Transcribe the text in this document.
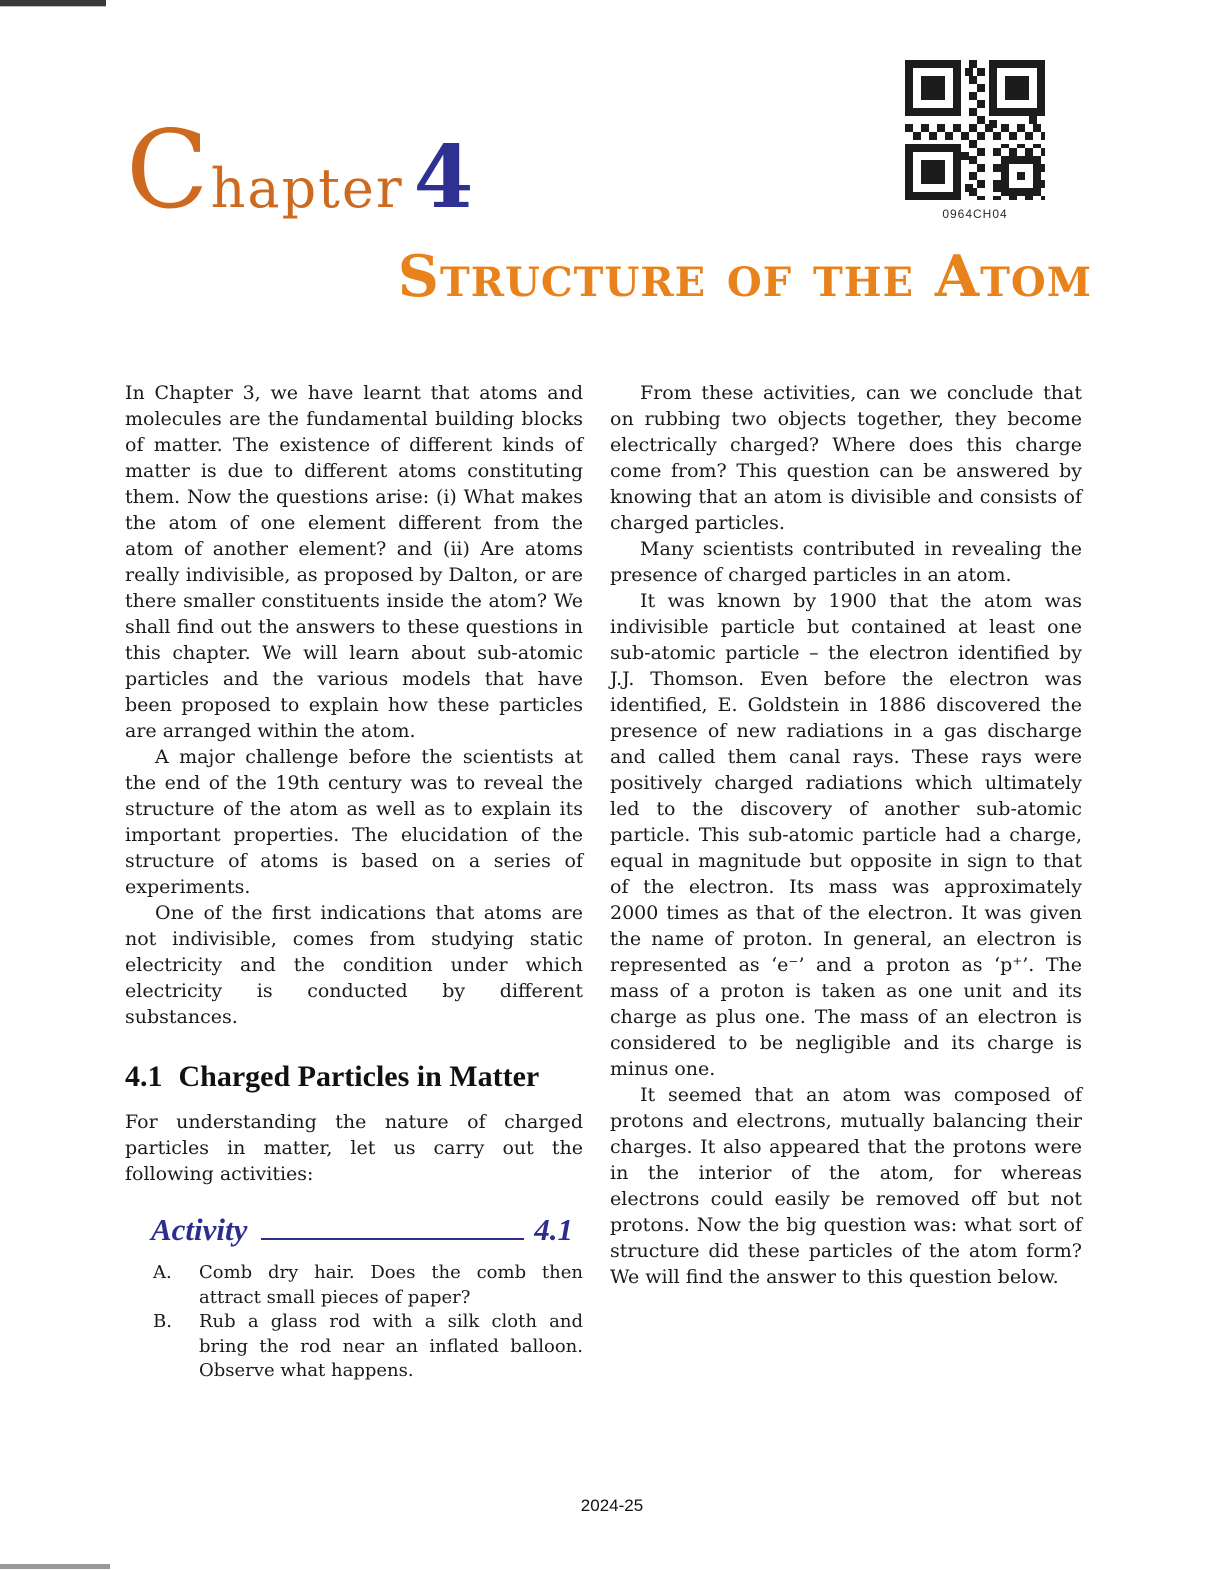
C hapter 4	0964CH04
Structure of the Atom

In Chapter 3, we have learnt that atoms and molecules are the fundamental building blocks of matter. The existence of different kinds of matter is due to different atoms constituting them. Now the questions arise: (i) What makes the atom of one element different from the atom of another element? and (ii) Are atoms really indivisible, as proposed by Dalton, or are there smaller constituents inside the atom? We shall find out the answers to these questions in this chapter. We will learn about sub-atomic particles and the various models that have been proposed to explain how these particles are arranged within the atom.

A major challenge before the scientists at the end of the 19th century was to reveal the structure of the atom as well as to explain its important properties. The elucidation of the structure of atoms is based on a series of experiments.

One of the first indications that atoms are not indivisible, comes from studying static electricity and the condition under which electricity is conducted by different substances.

4.1 Charged Particles in Matter

For understanding the nature of charged particles in matter, let us carry out the following activities:

Activity	4.1
A.	Comb dry hair. Does the comb then attract small pieces of paper?
B.	Rub a glass rod with a silk cloth and bring the rod near an inflated balloon. Observe what happens.

From these activities, can we conclude that on rubbing two objects together, they become electrically charged? Where does this charge come from? This question can be answered by knowing that an atom is divisible and consists of charged particles.

Many scientists contributed in revealing the presence of charged particles in an atom.

It was known by 1900 that the atom was indivisible particle but contained at least one sub-atomic particle – the electron identified by J.J. Thomson. Even before the electron was identified, E. Goldstein in 1886 discovered the presence of new radiations in a gas discharge and called them canal rays. These rays were positively charged radiations which ultimately led to the discovery of another sub-atomic particle. This sub-atomic particle had a charge, equal in magnitude but opposite in sign to that of the electron. Its mass was approximately 2000 times as that of the electron. It was given the name of proton. In general, an electron is represented as ‘e⁻’ and a proton as ‘p⁺’. The mass of a proton is taken as one unit and its charge as plus one. The mass of an electron is considered to be negligible and its charge is minus one.

It seemed that an atom was composed of protons and electrons, mutually balancing their charges. It also appeared that the protons were in the interior of the atom, for whereas electrons could easily be removed off but not protons. Now the big question was: what sort of structure did these particles of the atom form? We will find the answer to this question below.

2024-25
